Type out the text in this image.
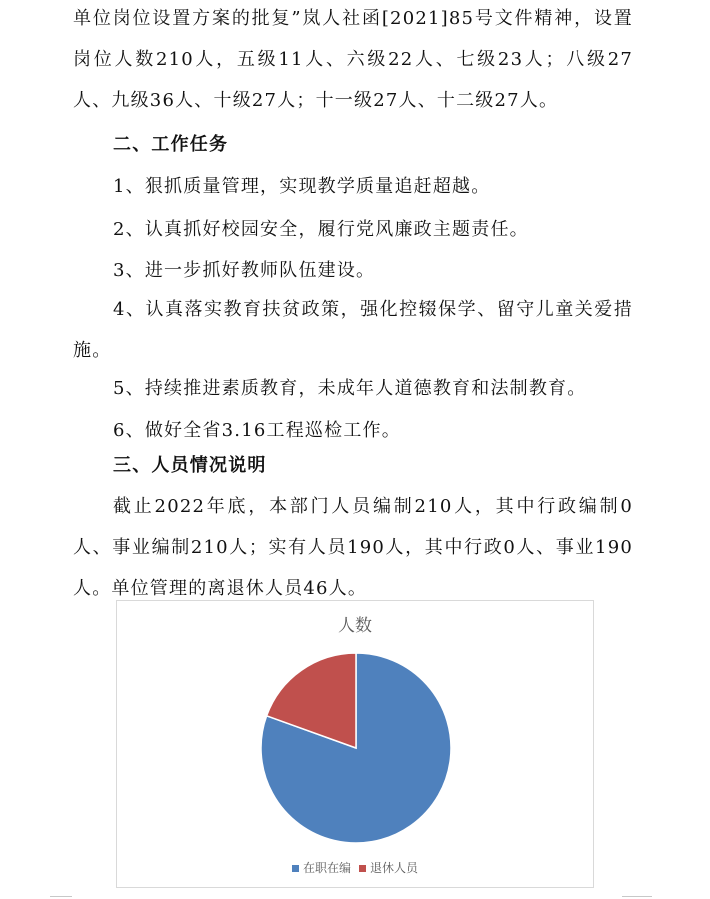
单位岗位设置方案的批复”岚人社函[2021]85号文件精神，设置岗位人数210人，五级11人、六级22人、七级23人；八级27人、九级36人、十级27人；十一级27人、十二级27人。

二、工作任务

1、狠抓质量管理，实现教学质量追赶超越。

2、认真抓好校园安全，履行党风廉政主题责任。

3、进一步抓好教师队伍建设。

4、认真落实教育扶贫政策，强化控辍保学、留守儿童关爱措施。

5、持续推进素质教育，未成年人道德教育和法制教育。

6、做好全省3.16工程巡检工作。

三、人员情况说明

截止2022年底，本部门人员编制210人，其中行政编制0人、事业编制210人；实有人员190人，其中行政0人、事业190人。单位管理的离退休人员46人。

人数
在职在编 退休人员
